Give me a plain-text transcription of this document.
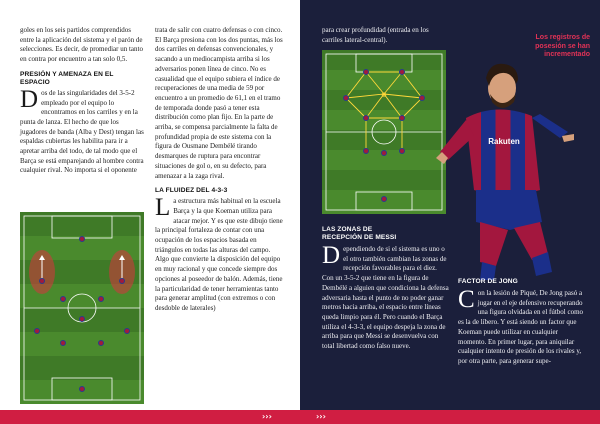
goles en los seis partidos comprendidos entre la aplicación del sistema y el parón de selecciones. Es decir, de promediar un tanto en contra por encuentro a tan solo 0,5.

PRESIÓN Y AMENAZA EN EL ESPACIO

Dos de las singularidades del 3-5-2 empleado por el equipo lo encontramos en los carriles y en la punta de lanza. El hecho de que los jugadores de banda (Alba y Dest) tengan las espaldas cubiertas les habilita para ir a apretar arriba del todo, de tal modo que el Barça se está emparejando al hombre contra cualquier rival. No importa si el oponente

trata de salir con cuatro defensas o con cinco. El Barça presiona con los dos puntas, más los dos carriles en defensas convencionales, y sacando a un mediocampista arriba si los adversarios ponen línea de cinco. No es casualidad que el equipo subiera el índice de recuperaciones de una media de 59 por encuentro a un promedio de 61,1 en el tramo de temporada donde pasó a tener esta distribución como plan fijo. En la parte de arriba, se compensa parcialmente la falta de profundidad propia de este sistema con la figura de Ousmane Dembélé tirando desmarques de ruptura para encontrar situaciones de gol o, en su defecto, para amenazar a la zaga rival.

LA FLUIDEZ DEL 4-3-3

La estructura más habitual en la escuela Barça y la que Koeman utiliza para atacar mejor. Y es que este dibujo tiene la principal fortaleza de contar con una ocupación de los espacios basada en triángulos en todas las alturas del campo. Algo que convierte la disposición del equipo en muy racional y que concede siempre dos opciones al poseedor de balón. Además, tiene la particularidad de tener herramientas tanto para generar amplitud (con extremos o con desdoble de laterales)

›››
para crear profundidad (entrada en los carriles lateral-central).
⊕
LAS ZONAS DE RECEPCIÓN DE MESSI

Dependiendo de si el sistema es uno o el otro también cambian las zonas de recepción favorables para el diez. Con un 3-5-2 que tiene en la figura de Dembélé a alguien que condiciona la defensa adversaria hasta el punto de no poder ganar metros hacia arriba, el espacio entre líneas queda limpio para él. Pero cuando el Barça utiliza el 4-3-3, el equipo despeja la zona de arriba para que Messi se desenvuelva con total libertad como falso nueve.

Rakuten
Los registros de posesión se han incrementado
FACTOR DE JONG

Con la lesión de Piqué, De Jong pasó a jugar en el eje defensivo recuperando una figura olvidada en el fútbol como es la de líbero. Y está siendo un factor que Koeman puede utilizar en cualquier momento. En primer lugar, para aniquilar cualquier intento de presión de los rivales y, por otra parte, para generar supe-

›››
